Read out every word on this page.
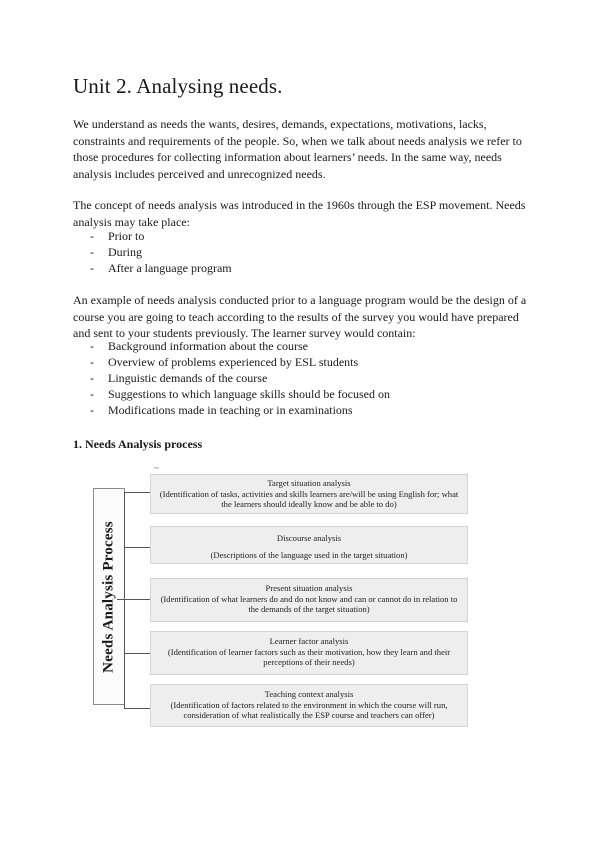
Unit 2. Analysing needs.

We understand as needs the wants, desires, demands, expectations, motivations, lacks, constraints and requirements of the people. So, when we talk about needs analysis we refer to those procedures for collecting information about learners’ needs. In the same way, needs analysis includes perceived and unrecognized needs.

The concept of needs analysis was introduced in the 1960s through the ESP movement. Needs analysis may take place:

- Prior to
- During
- After a language program

An example of needs analysis conducted prior to a language program would be the design of a course you are going to teach according to the results of the survey you would have prepared and sent to your students previously. The learner survey would contain:

- Background information about the course
- Overview of problems experienced by ESL students
- Linguistic demands of the course
- Suggestions to which language skills should be focused on
- Modifications made in teaching or in examinations
1. Needs Analysis process
~
Needs Analysis Process
Target situation analysis
(Identification of tasks, activities and skills learners are/will be using English for; what the learners should ideally know and be able to do)
Discourse analysis
(Descriptions of the language used in the target situation)
Present situation analysis
(Identification of what learners do and do not know and can or cannot do in relation to the demands of the target situation)
Learner factor analysis
(Identification of learner factors such as their motivation, how they learn and their perceptions of their needs)
Teaching context analysis
(Identification of factors related to the environment in which the course will run, consideration of what realistically the ESP course and teachers can offer)
